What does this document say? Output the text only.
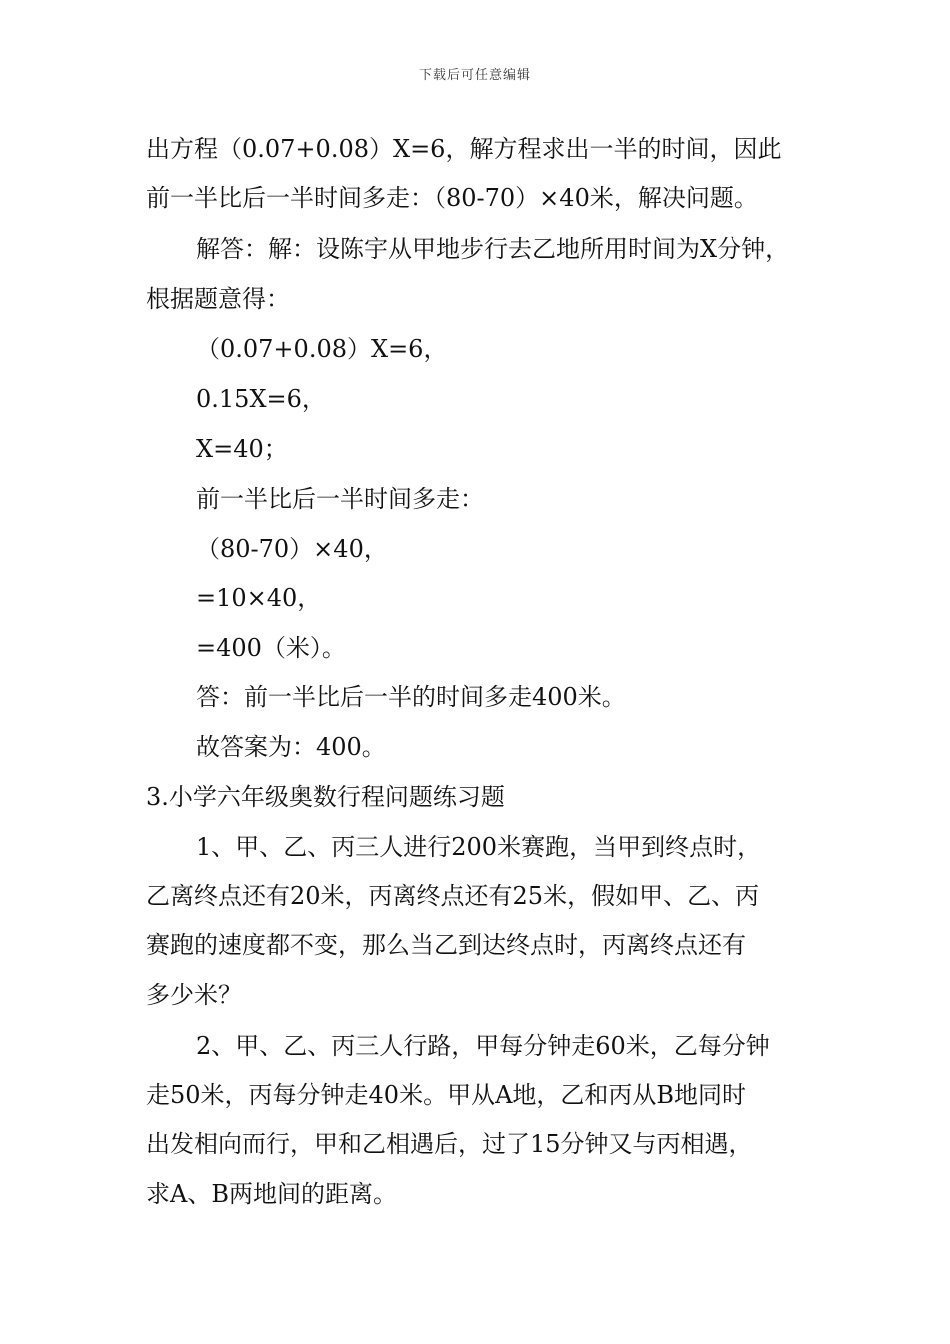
下载后可任意编辑
出方程（0.07+0.08）X=6，解方程求出一半的时间，因此
前一半比后一半时间多走：（80-70）×40米，解决问题。
解答：解：设陈宇从甲地步行去乙地所用时间为X分钟，
根据题意得：
（0.07+0.08）X=6，
0.15X=6，
X=40；
前一半比后一半时间多走：
（80-70）×40，
=10×40，
=400（米）。
答：前一半比后一半的时间多走400米。
故答案为：400。
3.小学六年级奥数行程问题练习题
1、甲、乙、丙三人进行200米赛跑，当甲到终点时，
乙离终点还有20米，丙离终点还有25米，假如甲、乙、丙
赛跑的速度都不变，那么当乙到达终点时，丙离终点还有
多少米？
2、甲、乙、丙三人行路，甲每分钟走60米，乙每分钟
走50米，丙每分钟走40米。甲从A地，乙和丙从B地同时
出发相向而行，甲和乙相遇后，过了15分钟又与丙相遇，
求A、B两地间的距离。
